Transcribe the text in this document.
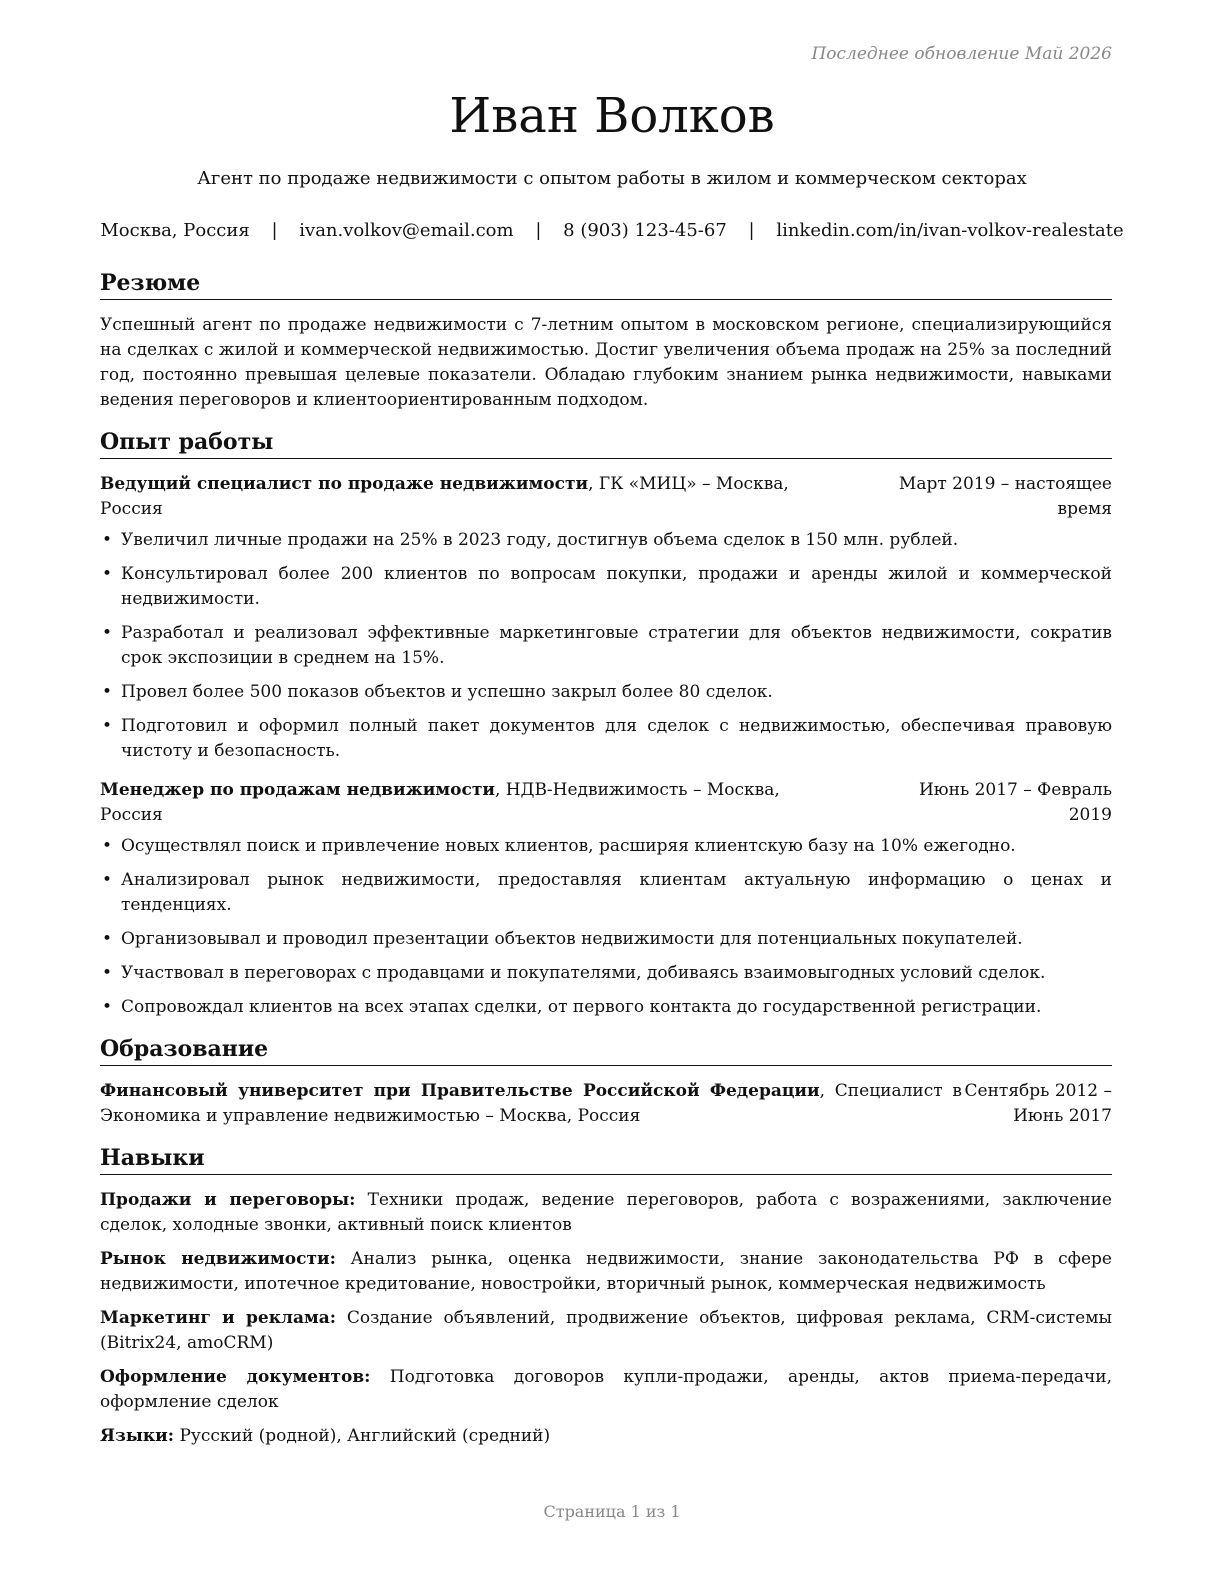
Последнее обновление Май 2026
Иван Волков
Агент по продаже недвижимости с опытом работы в жилом и коммерческом секторах
Москва, Россия | ivan.volkov@email.com | 8 (903) 123-45-67 | linkedin.com/in/ivan-volkov-realestate
Резюме

Успешный агент по продаже недвижимости с 7-летним опытом в московском регионе, специализирующийся на сделках с жилой и коммерческой недвижимостью. Достиг увеличения объема продаж на 25% за последний год, постоянно превышая целевые показатели. Обладаю глубоким знанием рынка недвижимости, навыками ведения переговоров и клиентоориентированным подходом.

Опыт работы
Ведущий специалист по продаже недвижимости, ГК «МИЦ» – Москва, Россия
Март 2019 – настоящее время
• Увеличил личные продажи на 25% в 2023 году, достигнув объема сделок в 150 млн. рублей.
• Консультировал более 200 клиентов по вопросам покупки, продажи и аренды жилой и коммерческой недвижимости.
• Разработал и реализовал эффективные маркетинговые стратегии для объектов недвижимости, сократив срок экспозиции в среднем на 15%.
• Провел более 500 показов объектов и успешно закрыл более 80 сделок.
• Подготовил и оформил полный пакет документов для сделок с недвижимостью, обеспечивая правовую чистоту и безопасность.
Менеджер по продажам недвижимости, НДВ-Недвижимость – Москва, Россия
Июнь 2017 – Февраль 2019
• Осуществлял поиск и привлечение новых клиентов, расширяя клиентскую базу на 10% ежегодно.
• Анализировал рынок недвижимости, предоставляя клиентам актуальную информацию о ценах и тенденциях.
• Организовывал и проводил презентации объектов недвижимости для потенциальных покупателей.
• Участвовал в переговорах с продавцами и покупателями, добиваясь взаимовыгодных условий сделок.
• Сопровождал клиентов на всех этапах сделки, от первого контакта до государственной регистрации.
Образование
Финансовый университет при Правительстве Российской Федерации, Специалист в Экономика и управление недвижимостью – Москва, Россия
Сентябрь 2012 – Июнь 2017
Навыки
Продажи и переговоры: Техники продаж, ведение переговоров, работа с возражениями, заключение сделок, холодные звонки, активный поиск клиентов
Рынок недвижимости: Анализ рынка, оценка недвижимости, знание законодательства РФ в сфере недвижимости, ипотечное кредитование, новостройки, вторичный рынок, коммерческая недвижимость
Маркетинг и реклама: Создание объявлений, продвижение объектов, цифровая реклама, CRM-системы (Bitrix24, amoCRM)
Оформление документов: Подготовка договоров купли-продажи, аренды, актов приема-передачи, оформление сделок
Языки: Русский (родной), Английский (средний)
Страница 1 из 1
